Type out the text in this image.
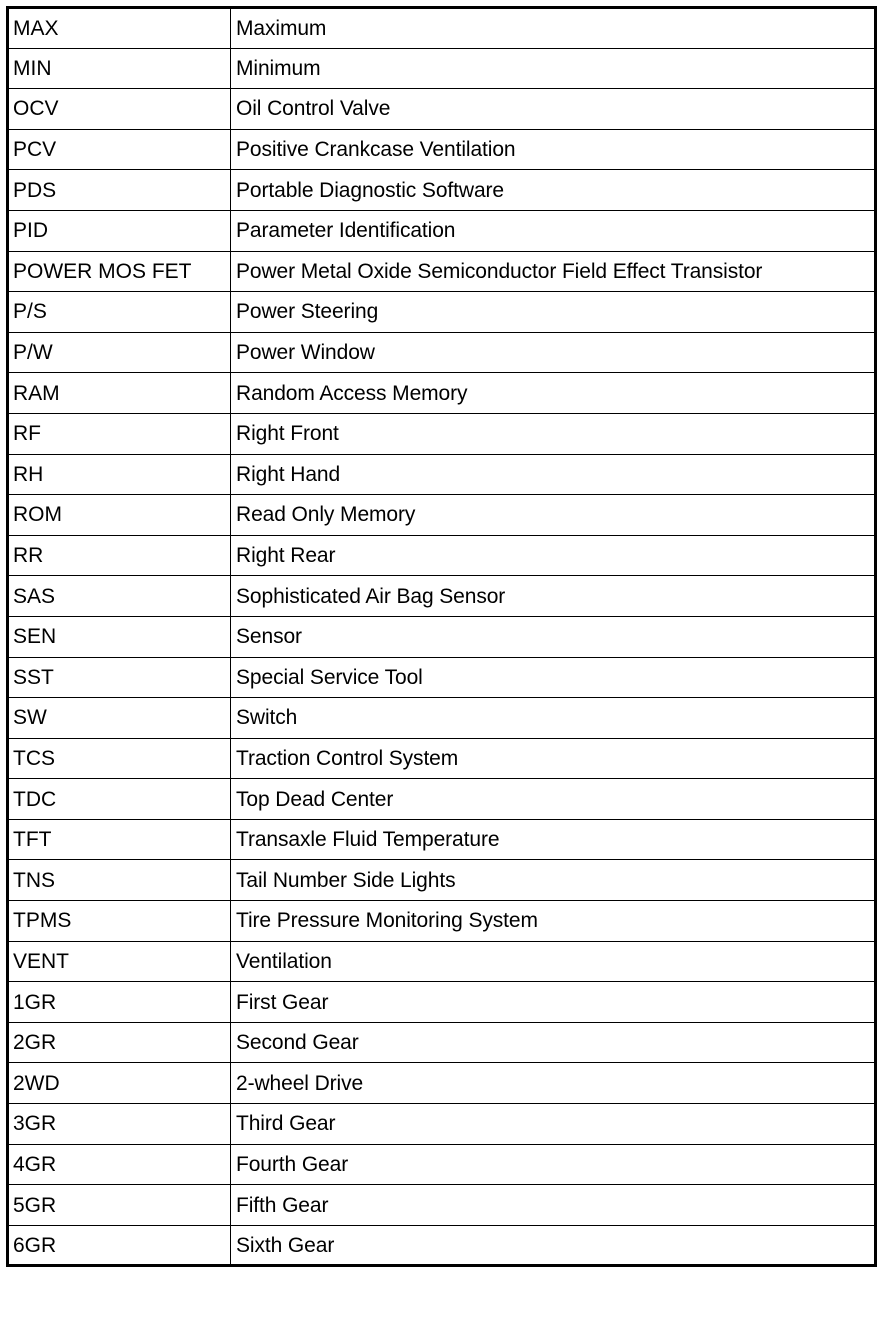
MAX	Maximum
MIN	Minimum
OCV	Oil Control Valve
PCV	Positive Crankcase Ventilation
PDS	Portable Diagnostic Software
PID	Parameter Identification
POWER MOS FET	Power Metal Oxide Semiconductor Field Effect Transistor
P/S	Power Steering
P/W	Power Window
RAM	Random Access Memory
RF	Right Front
RH	Right Hand
ROM	Read Only Memory
RR	Right Rear
SAS	Sophisticated Air Bag Sensor
SEN	Sensor
SST	Special Service Tool
SW	Switch
TCS	Traction Control System
TDC	Top Dead Center
TFT	Transaxle Fluid Temperature
TNS	Tail Number Side Lights
TPMS	Tire Pressure Monitoring System
VENT	Ventilation
1GR	First Gear
2GR	Second Gear
2WD	2-wheel Drive
3GR	Third Gear
4GR	Fourth Gear
5GR	Fifth Gear
6GR	Sixth Gear
